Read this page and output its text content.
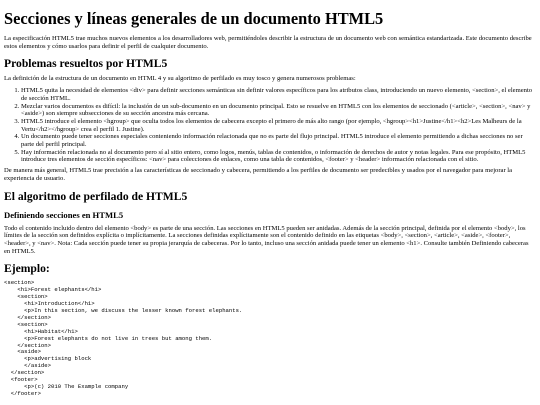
Secciones y líneas generales de un documento HTML5

La especificación HTML5 trae muchos nuevos elementos a los desarrolladores web, permitiéndoles describir la estructura de un documento web con semántica estandarizada. Este documento describe estos elementos y cómo usarlos para definir el perfil de cualquier documento.

Problemas resueltos por HTML5

La definición de la estructura de un documento en HTML 4 y su algoritmo de perfilado es muy tosco y genera numerosos problemas:

1. HTML5 quita la necesidad de elementos <div> para definir secciones semánticas sin definir valores específicos para los atributos class, introduciendo un nuevo elemento, <section>, el elemento de sección HTML.
2. Mezclar varios documentos es difícil: la inclusión de un sub-documento en un documento principal. Esto se resuelve en HTML5 con los elementos de seccionado (<article>, <section>, <nav> y <aside>) son siempre subsecciones de su sección ancestra más cercana.
3. HTML5 introduce el elemento <hgroup> que oculta todos los elementos de cabecera excepto el primero de más alto rango (por ejemplo, <hgroup><h1>Justine</h1><h2>Les Malheurs de la Vertu</h2></hgroup> crea el perfil 1. Justine).
4. Un documento puede tener secciones especiales conteniendo información relacionada que no es parte del flujo principal. HTML5 introduce el elemento permitiendo a dichas secciones no ser parte del perfil principal.
5. Hay información relacionada no al documento pero sí al sitio entero, como logos, menús, tablas de contenidos, o información de derechos de autor y notas legales. Para ese propósito, HTML5 introduce tres elementos de sección específicos: <nav> para colecciones de enlaces, como una tabla de contenidos, <footer> y <header> información relacionada con el sitio.

De manera más general, HTML5 trae precisión a las características de seccionado y cabecera, permitiendo a los perfiles de documento ser predecibles y usados por el navegador para mejorar la experiencia de usuario.

El algoritmo de perfilado de HTML5
Definiendo secciones en HTML5

Todo el contenido incluido dentro del elemento <body> es parte de una sección. Las secciones en HTML5 pueden ser anidadas. Además de la sección principal, definida por el elemento <body>, los límites de la sección son definidos explícita o implícitamente. La secciones definidas explícitamente son el contenido definido en las etiquetas <body>, <section>, <article>, <aside>, <footer>, <header>, y <nav>. Nota: Cada sección puede tener su propia jerarquía de cabeceras. Por lo tanto, incluso una sección anidada puede tener un elemento <h1>. Consulte también Definiendo cabeceras en HTML5.

Ejemplo:
<section>
<h1>Forest elephants</h1>
<section>
<h1>Introduction</h1>
<p>In this section, we discuss the lesser known forest elephants.
</section>
<section>
<h1>Habitat</h1>
<p>Forest elephants do not live in trees but among them.
</section>
<aside>
<p>advertising block
</aside>
</section>
<footer>
<p>(c) 2010 The Example company
</footer>
